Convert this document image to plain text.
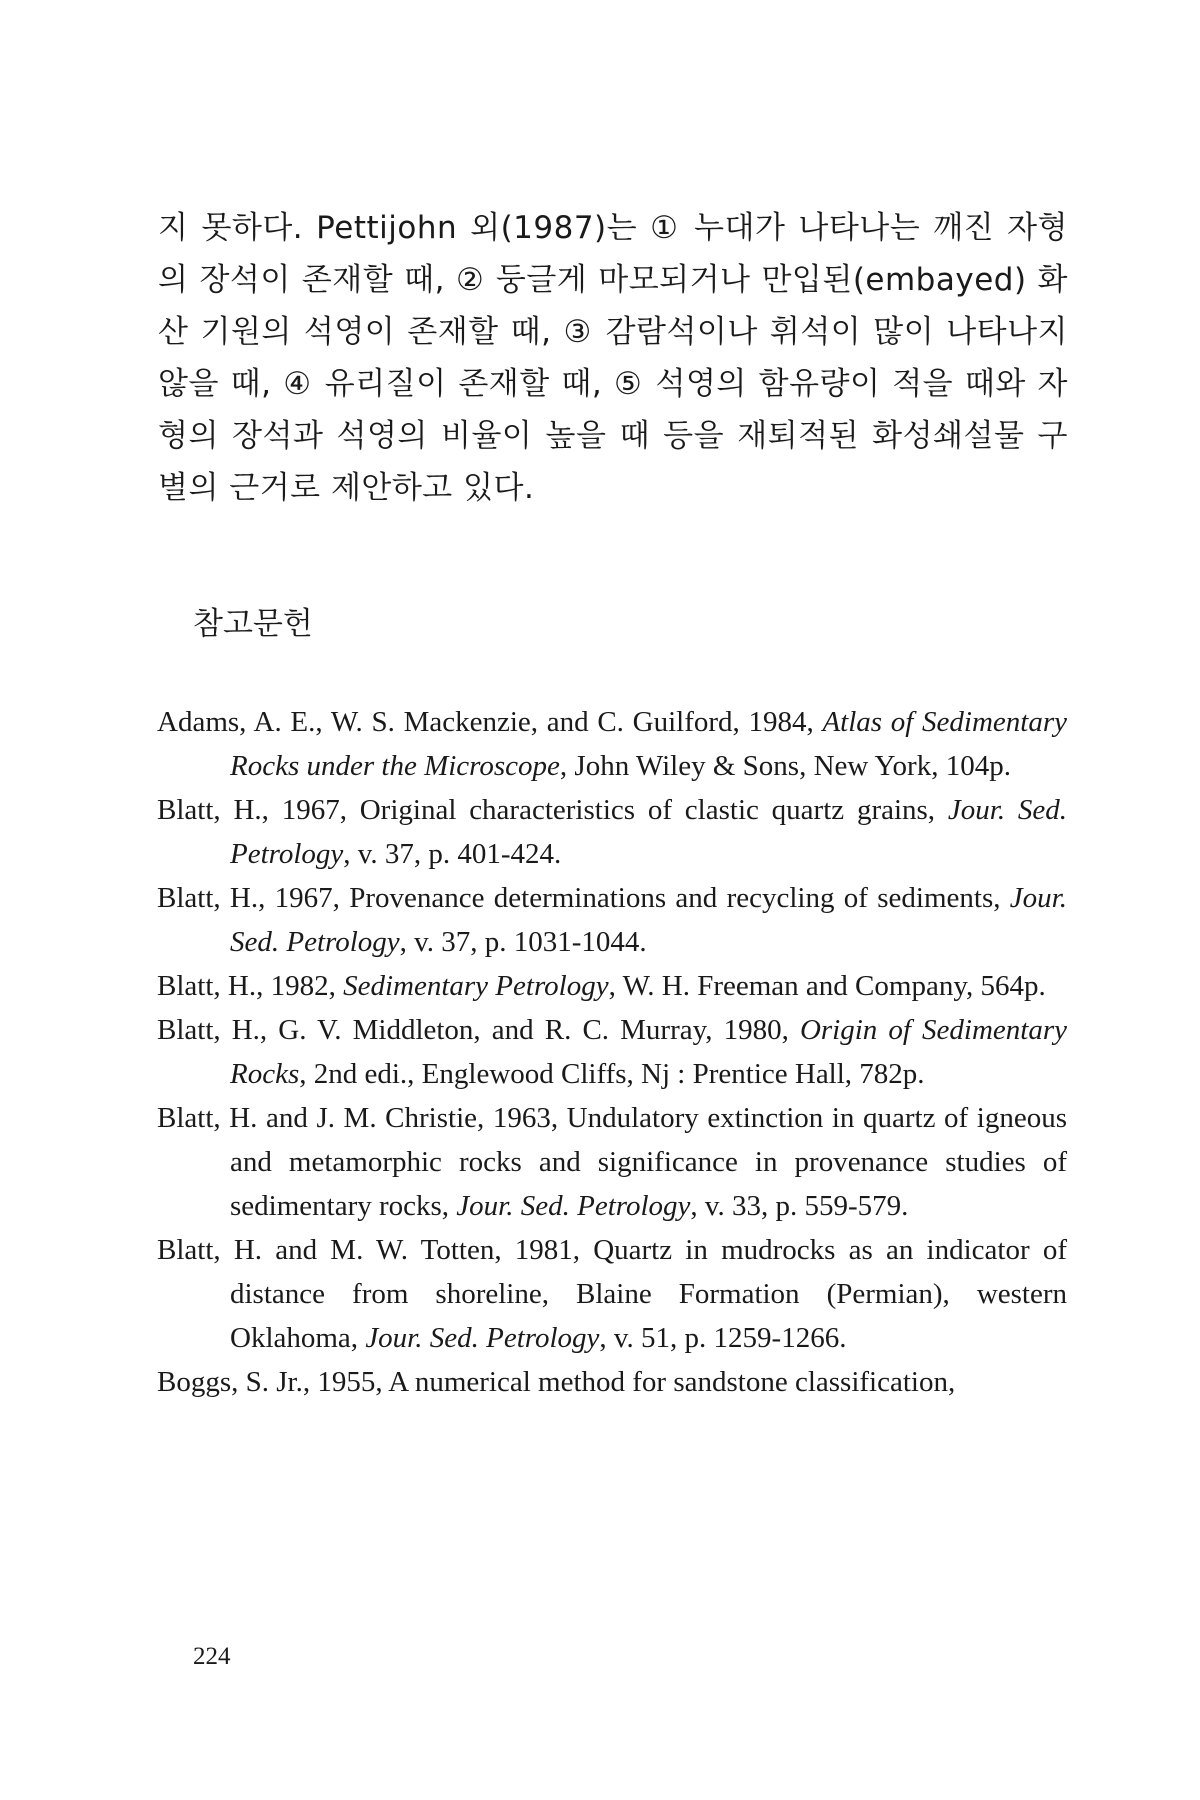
지 못하다. Pettijohn 외(1987)는 ① 누대가 나타나는 깨진 자형의 장석이 존재할 때, ② 둥글게 마모되거나 만입된(embayed) 화산 기원의 석영이 존재할 때, ③ 감람석이나 휘석이 많이 나타나지 않을 때, ④ 유리질이 존재할 때, ⑤ 석영의 함유량이 적을 때와 자형의 장석과 석영의 비율이 높을 때 등을 재퇴적된 화성쇄설물 구별의 근거로 제안하고 있다.

참고문헌
Adams, A. E., W. S. Mackenzie, and C. Guilford, 1984, Atlas of Sedimentary Rocks under the Microscope, John Wiley & Sons, New York, 104p.
Blatt, H., 1967, Original characteristics of clastic quartz grains, Jour. Sed. Petrology, v. 37, p. 401-424.
Blatt, H., 1967, Provenance determinations and recycling of sediments, Jour. Sed. Petrology, v. 37, p. 1031-1044.
Blatt, H., 1982, Sedimentary Petrology, W. H. Freeman and Company, 564p.
Blatt, H., G. V. Middleton, and R. C. Murray, 1980, Origin of Sedimentary Rocks, 2nd edi., Englewood Cliffs, Nj : Prentice Hall, 782p.
Blatt, H. and J. M. Christie, 1963, Undulatory extinction in quartz of igneous and metamorphic rocks and significance in provenance studies of sedimentary rocks, Jour. Sed. Petrology, v. 33, p. 559-579.
Blatt, H. and M. W. Totten, 1981, Quartz in mudrocks as an indicator of distance from shoreline, Blaine Formation (Permian), western Oklahoma, Jour. Sed. Petrology, v. 51, p. 1259-1266.
Boggs, S. Jr., 1955, A numerical method for sandstone classification,

224
